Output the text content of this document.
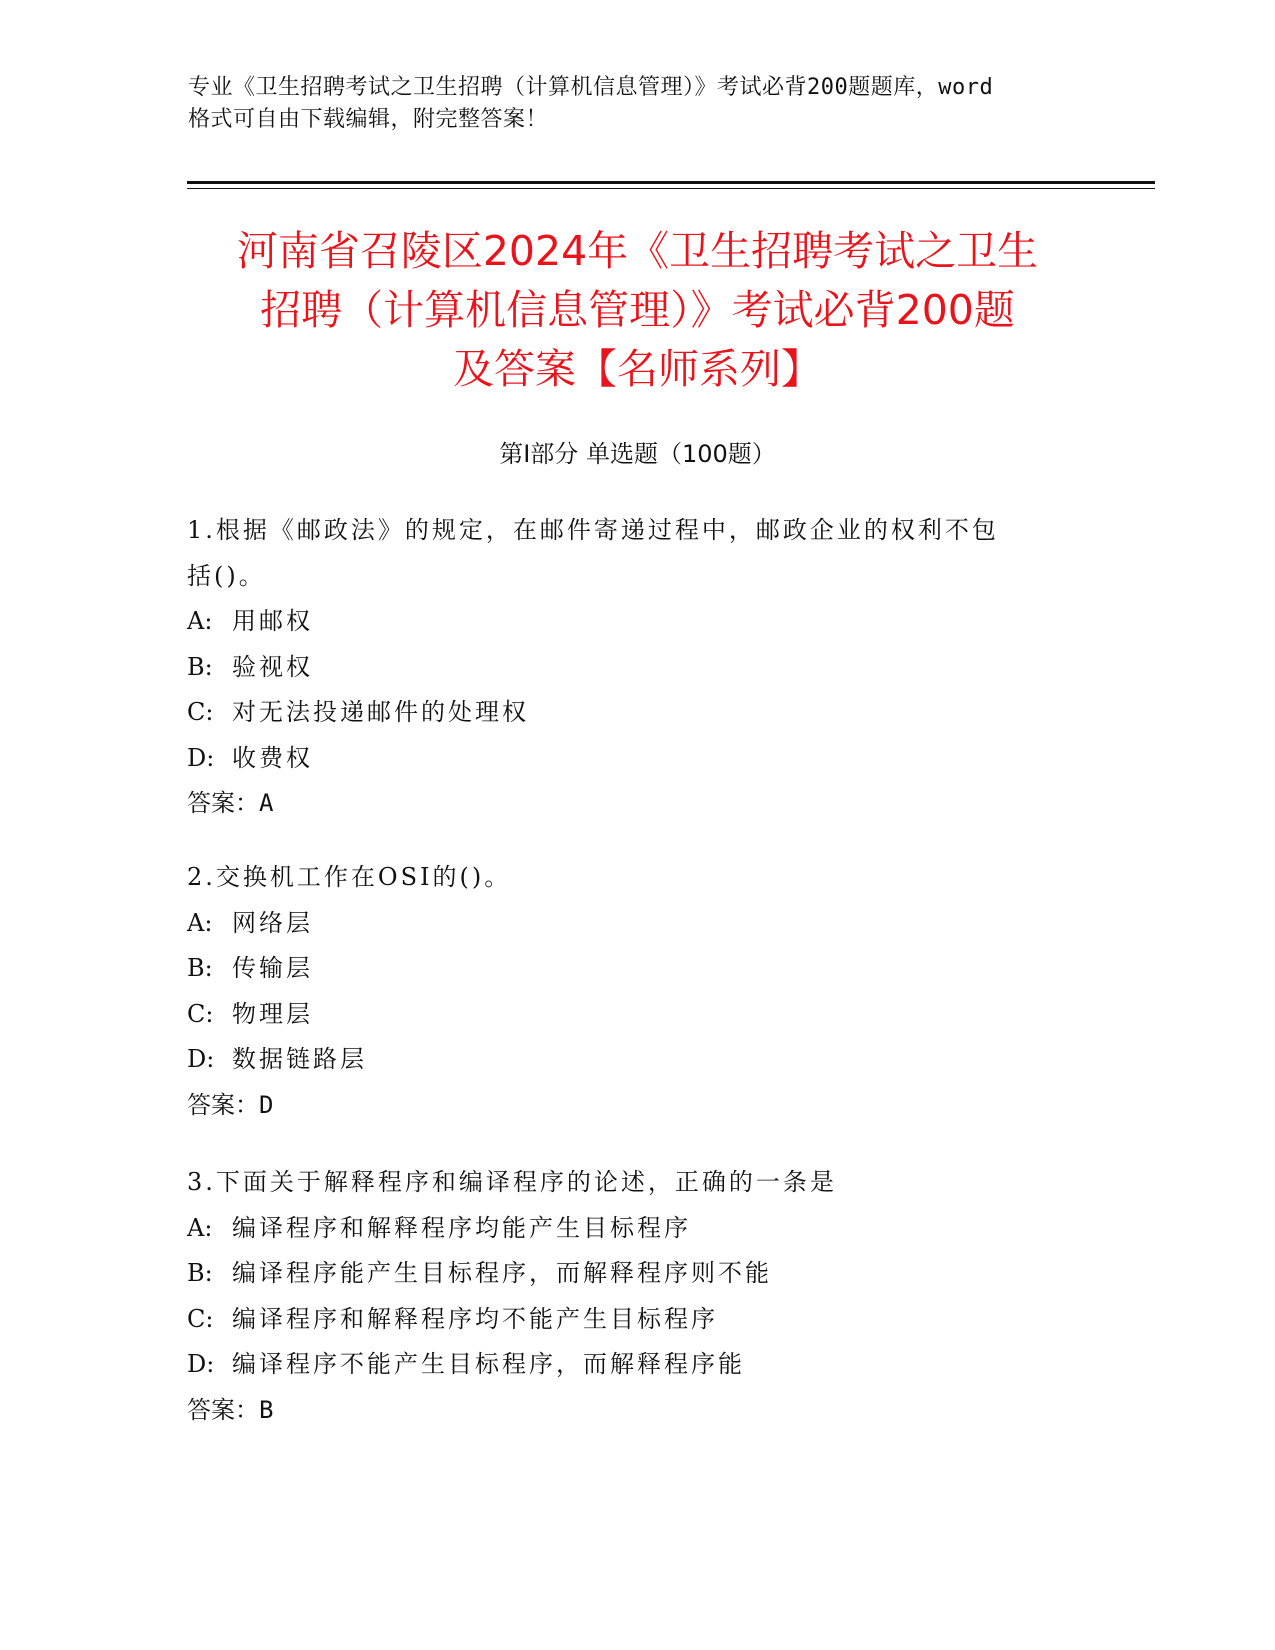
专业《卫生招聘考试之卫生招聘（计算机信息管理）》考试必背200题题库，word
格式可自由下载编辑，附完整答案！
河南省召陵区2024年《卫生招聘考试之卫生
招聘（计算机信息管理）》考试必背200题
及答案【名师系列】
第Ⅰ部分 单选题（100题）
1.根据《邮政法》的规定，在邮件寄递过程中，邮政企业的权利不包
括()。
A: 用邮权
B: 验视权
C: 对无法投递邮件的处理权
D: 收费权
答案：A
2.交换机工作在OSI的()。
A: 网络层
B: 传输层
C: 物理层
D: 数据链路层
答案：D
3.下面关于解释程序和编译程序的论述，正确的一条是
A: 编译程序和解释程序均能产生目标程序
B: 编译程序能产生目标程序，而解释程序则不能
C: 编译程序和解释程序均不能产生目标程序
D: 编译程序不能产生目标程序，而解释程序能
答案：B
